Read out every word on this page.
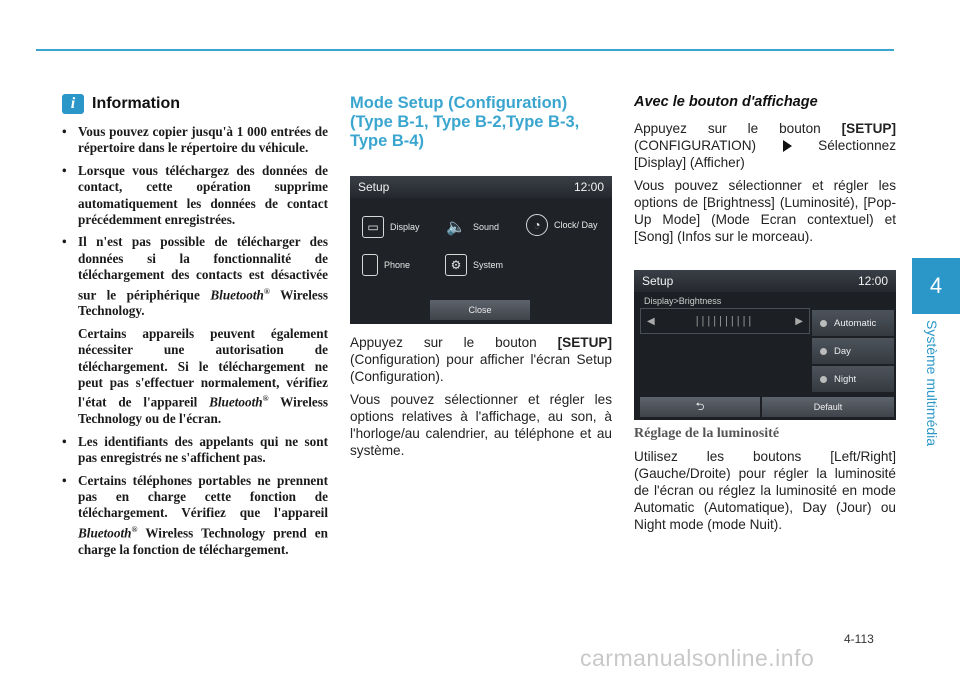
4
Système multimédia
i	Information
• Vous pouvez copier jusqu'à 1 000 entrées de répertoire dans le répertoire du véhicule.
• Lorsque vous téléchargez des données de contact, cette opération supprime automatiquement les données de contact précédemment enregistrées.
• Il n'est pas possible de télécharger des données si la fonctionnalité de téléchargement des contacts est désactivée sur le périphérique Bluetooth® Wireless Technology.
Certains appareils peuvent également nécessiter une autorisation de téléchargement. Si le téléchargement ne peut pas s'effectuer normalement, vérifiez l'état de l'appareil Bluetooth® Wireless Technology ou de l'écran.
• Les identifiants des appelants qui ne sont pas enregistrés ne s'affichent pas.
• Certains téléphones portables ne prennent pas en charge cette fonction de téléchargement. Vérifiez que l'appareil Bluetooth® Wireless Technology prend en charge la fonction de téléchargement.
Mode Setup (Configuration) (Type B-1, Type B-2,Type B-3, Type B-4)
Setup	12:00
▭	Display 🔈 Sound	◔	Clock/ Day
Phone	⚙	System
Close

Appuyez sur le bouton [SETUP] (Configuration) pour afficher l'écran Setup (Configuration).

Vous pouvez sélectionner et régler les options relatives à l'affichage, au son, à l'horloge/au calendrier, au téléphone et au système.

Avec le bouton d'affichage

Appuyez sur le bouton [SETUP] (CONFIGURATION)  Sélectionnez [Display] (Afficher)

Vous pouvez sélectionner et régler les options de [Brightness] (Luminosité), [Pop-Up Mode] (Mode Ecran contextuel) et [Song] (Infos sur le morceau).

Setup	12:00
Display>Brightness
◀	||||||||||	▶	Automatic
Day
Night
⮌	Default
Réglage de la luminosité

Utilisez les boutons [Left/Right] (Gauche/Droite) pour régler la luminosité de l'écran ou réglez la luminosité en mode Automatic (Automatique), Day (Jour) ou Night mode (mode Nuit).

4-113
carmanualsonline.info
